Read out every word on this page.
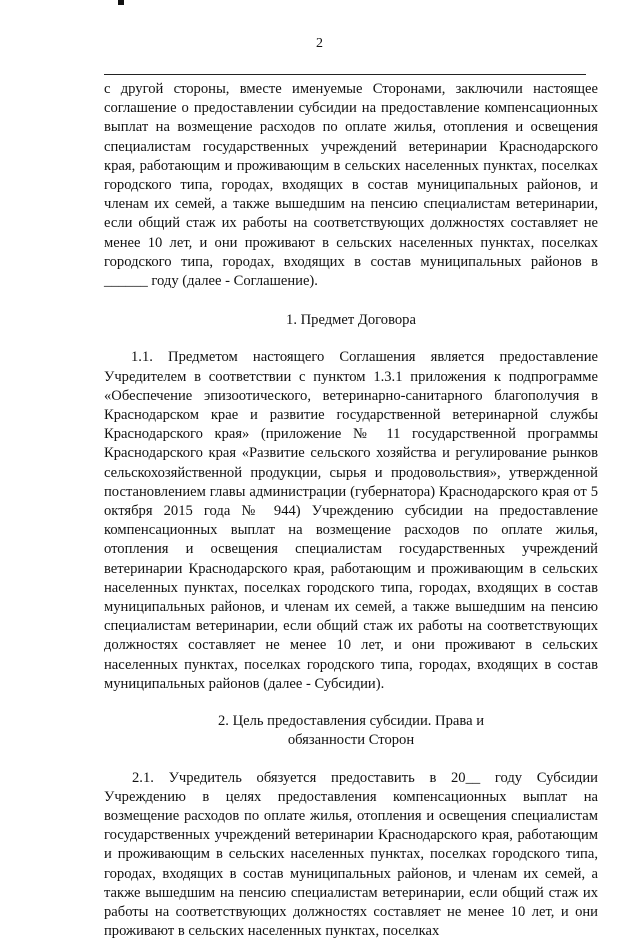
2

с другой стороны, вместе именуемые Сторонами, заключили настоящее соглашение о предоставлении субсидии на предоставление компенсационных выплат на возмещение расходов по оплате жилья, отопления и освещения специалистам государственных учреждений ветеринарии Краснодарского края, работающим и проживающим в сельских населенных пунктах, поселках городского типа, городах, входящих в состав муниципальных районов, и членам их семей, а также вышедшим на пенсию специалистам ветеринарии, если общий стаж их работы на соответствующих должностях составляет не менее 10 лет, и они проживают в сельских населенных пунктах, поселках городского типа, городах, входящих в состав муниципальных районов в ______ году (далее - Соглашение).

1. Предмет Договора

1.1. Предметом настоящего Соглашения является предоставление Учредителем в соответствии с пунктом 1.3.1 приложения к подпрограмме «Обеспечение эпизоотического, ветеринарно-санитарного благополучия в Краснодарском крае и развитие государственной ветеринарной службы Краснодарского края» (приложение № 11 государственной программы Краснодарского края «Развитие сельского хозяйства и регулирование рынков сельскохозяйственной продукции, сырья и продовольствия», утвержденной постановлением главы администрации (губернатора) Краснодарского края от 5 октября 2015 года № 944) Учреждению субсидии на предоставление компенсационных выплат на возмещение расходов по оплате жилья, отопления и освещения специалистам государственных учреждений ветеринарии Краснодарского края, работающим и проживающим в сельских населенных пунктах, поселках городского типа, городах, входящих в состав муниципальных районов, и членам их семей, а также вышедшим на пенсию специалистам ветеринарии, если общий стаж их работы на соответствующих должностях составляет не менее 10 лет, и они проживают в сельских населенных пунктах, поселках городского типа, городах, входящих в состав муниципальных районов (далее - Субсидии).

2. Цель предоставления субсидии. Права и
обязанности Сторон

2.1. Учредитель обязуется предоставить в 20__ году Субсидии Учреждению в целях предоставления компенсационных выплат на возмещение расходов по оплате жилья, отопления и освещения специалистам государственных учреждений ветеринарии Краснодарского края, работающим и проживающим в сельских населенных пунктах, поселках городского типа, городах, входящих в состав муниципальных районов, и членам их семей, а также вышедшим на пенсию специалистам ветеринарии, если общий стаж их работы на соответствующих должностях составляет не менее 10 лет, и они проживают в сельских населенных пунктах, поселках
